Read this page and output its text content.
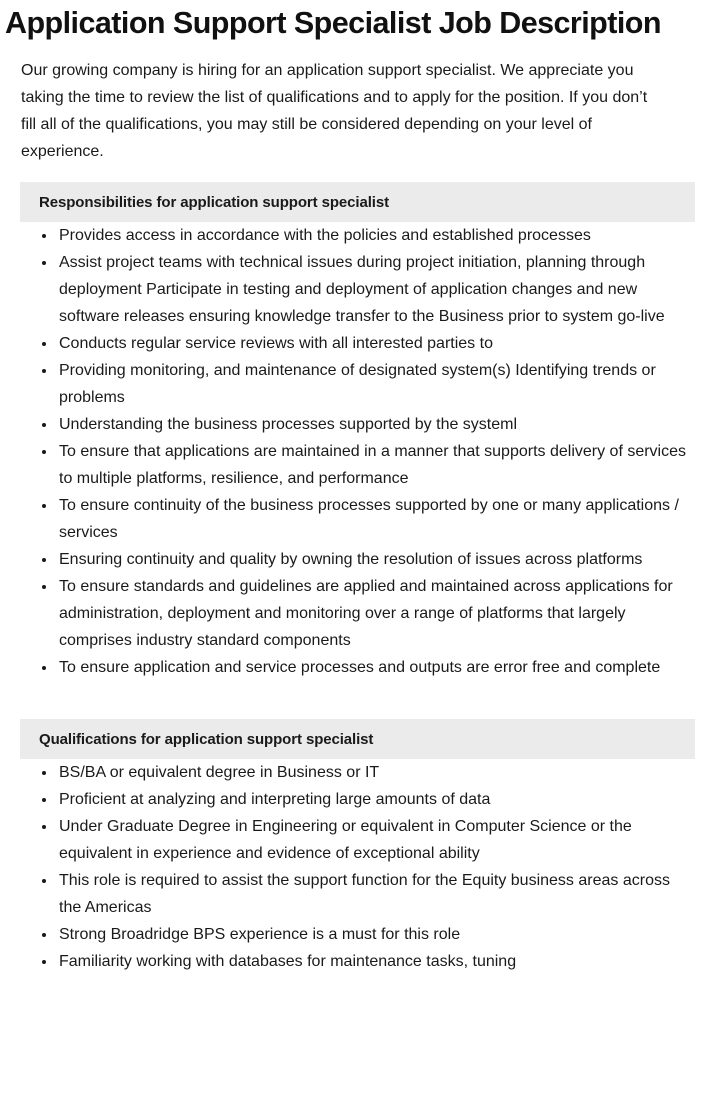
Application Support Specialist Job Description

Our growing company is hiring for an application support specialist. We appreciate you taking the time to review the list of qualifications and to apply for the position. If you don’t fill all of the qualifications, you may still be considered depending on your level of experience.

Responsibilities for application support specialist
Provides access in accordance with the policies and established processes
Assist project teams with technical issues during project initiation, planning through deployment Participate in testing and deployment of application changes and new software releases ensuring knowledge transfer to the Business prior to system go-live
Conducts regular service reviews with all interested parties to
Providing monitoring, and maintenance of designated system(s) Identifying trends or problems
Understanding the business processes supported by the systeml
To ensure that applications are maintained in a manner that supports delivery of services to multiple platforms, resilience, and performance
To ensure continuity of the business processes supported by one or many applications / services
Ensuring continuity and quality by owning the resolution of issues across platforms
To ensure standards and guidelines are applied and maintained across applications for administration, deployment and monitoring over a range of platforms that largely comprises industry standard components
To ensure application and service processes and outputs are error free and complete
Qualifications for application support specialist
BS/BA or equivalent degree in Business or IT
Proficient at analyzing and interpreting large amounts of data
Under Graduate Degree in Engineering or equivalent in Computer Science or the equivalent in experience and evidence of exceptional ability
This role is required to assist the support function for the Equity business areas across the Americas
Strong Broadridge BPS experience is a must for this role
Familiarity working with databases for maintenance tasks, tuning
